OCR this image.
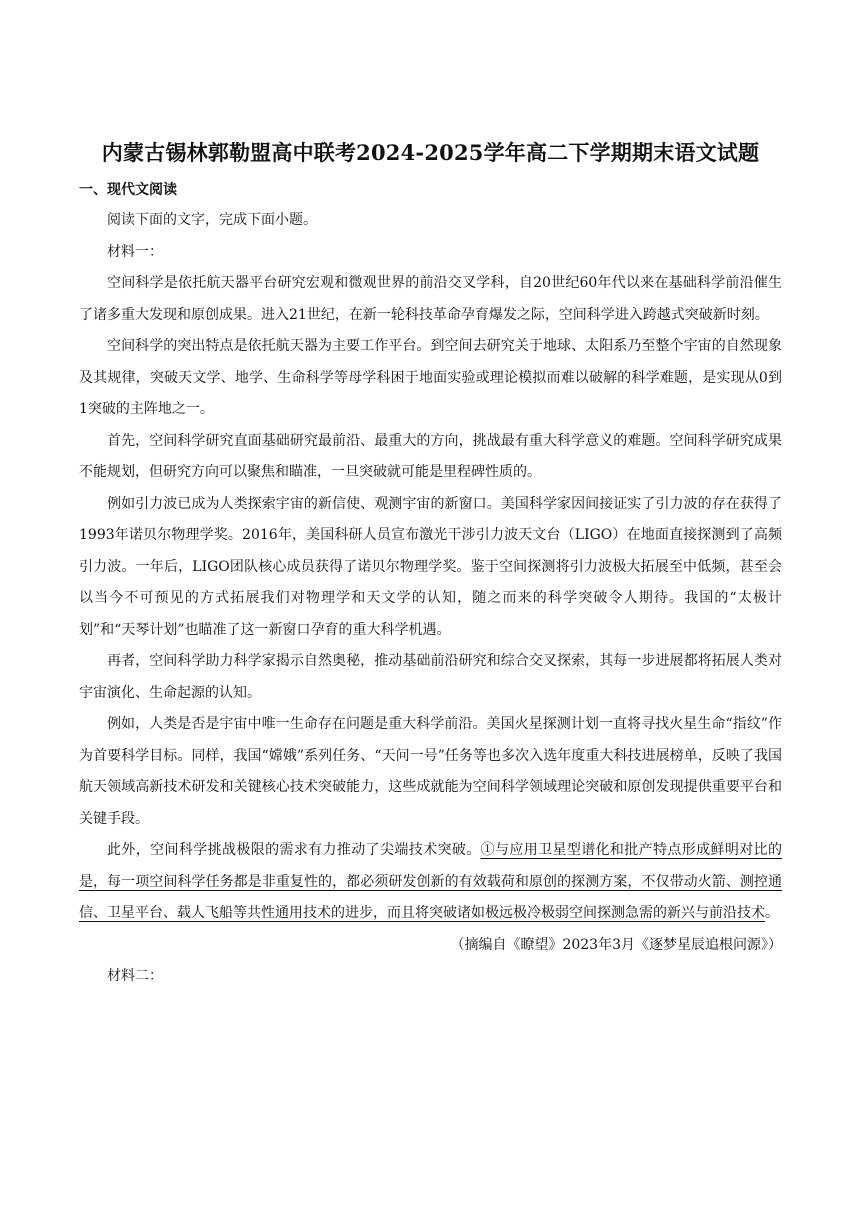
内蒙古锡林郭勒盟高中联考2024-2025学年高二下学期期末语文试题
一、现代文阅读

阅读下面的文字，完成下面小题。

材料一：

空间科学是依托航天器平台研究宏观和微观世界的前沿交叉学科，自20世纪60年代以来在基础科学前沿催生了诸多重大发现和原创成果。进入21世纪，在新一轮科技革命孕育爆发之际，空间科学进入跨越式突破新时刻。

空间科学的突出特点是依托航天器为主要工作平台。到空间去研究关于地球、太阳系乃至整个宇宙的自然现象及其规律，突破天文学、地学、生命科学等母学科困于地面实验或理论模拟而难以破解的科学难题，是实现从0到1突破的主阵地之一。

首先，空间科学研究直面基础研究最前沿、最重大的方向，挑战最有重大科学意义的难题。空间科学研究成果不能规划，但研究方向可以聚焦和瞄准，一旦突破就可能是里程碑性质的。

例如引力波已成为人类探索宇宙的新信使、观测宇宙的新窗口。美国科学家因间接证实了引力波的存在获得了1993年诺贝尔物理学奖。2016年，美国科研人员宣布激光干涉引力波天文台（LIGO）在地面直接探测到了高频引力波。一年后，LIGO团队核心成员获得了诺贝尔物理学奖。鉴于空间探测将引力波极大拓展至中低频，甚至会以当今不可预见的方式拓展我们对物理学和天文学的认知，随之而来的科学突破令人期待。我国的“太极计划”和“天琴计划”也瞄准了这一新窗口孕育的重大科学机遇。

再者，空间科学助力科学家揭示自然奥秘，推动基础前沿研究和综合交叉探索，其每一步进展都将拓展人类对宇宙演化、生命起源的认知。

例如，人类是否是宇宙中唯一生命存在问题是重大科学前沿。美国火星探测计划一直将寻找火星生命“指纹”作为首要科学目标。同样，我国“嫦娥”系列任务、“天问一号”任务等也多次入选年度重大科技进展榜单，反映了我国航天领域高新技术研发和关键核心技术突破能力，这些成就能为空间科学领域理论突破和原创发现提供重要平台和关键手段。

此外，空间科学挑战极限的需求有力推动了尖端技术突破。①与应用卫星型谱化和批产特点形成鲜明对比的是，每一项空间科学任务都是非重复性的，都必须研发创新的有效载荷和原创的探测方案，不仅带动火箭、测控通信、卫星平台、载人飞船等共性通用技术的进步，而且将突破诸如极远极冷极弱空间探测急需的新兴与前沿技术。

（摘编自《瞭望》2023年3月《逐梦星辰追根问源》）

材料二：
